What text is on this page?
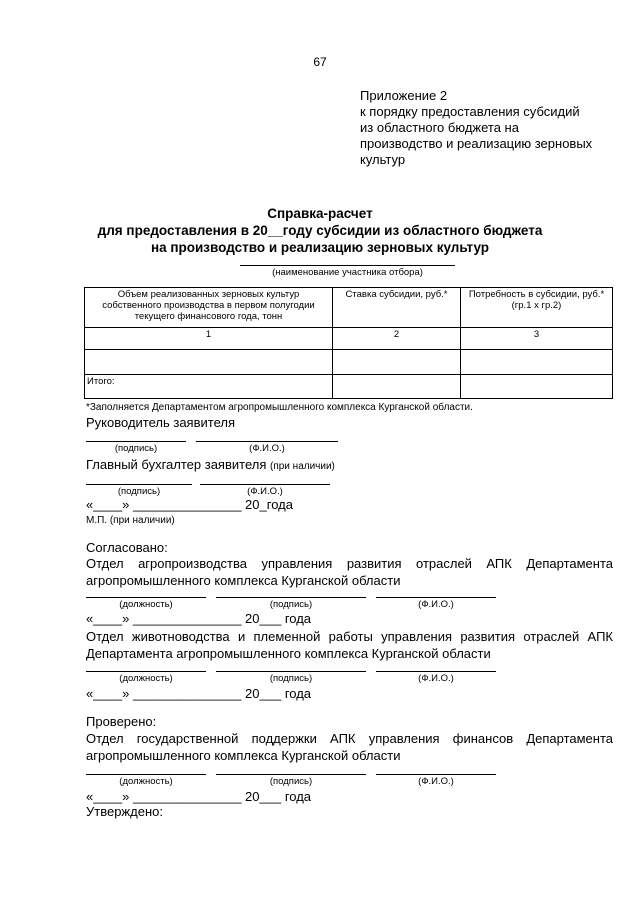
67
Приложение 2
к порядку предоставления субсидий
из областного бюджета на
производство и реализацию зерновых
культур
Справка-расчет
для предоставления в 20__году субсидии из областного бюджета
на производство и реализацию зерновых культур
(наименование участника отбора)
Объем реализованных зерновых культур собственного производства в первом полугодии текущего финансового года, тонн	Ставка субсидии, руб.*	Потребность в субсидии, руб.* (гр.1 х гр.2)
1	2	3

Итого:		
*Заполняется Департаментом агропромышленного комплекса Курганской области.
Руководитель заявителя
(подпись)	(Ф.И.О.)
Главный бухгалтер заявителя (при наличии)
(подпись)	(Ф.И.О.)
«____» _______________ 20_года
М.П. (при наличии)
Согласовано:
Отдел агропроизводства управления развития отраслей АПК Департамента агропромышленного комплекса Курганской области
(должность)	(подпись)	(Ф.И.О.)
«____» _______________ 20___ года
Отдел животноводства и племенной работы управления развития отраслей АПК Департамента агропромышленного комплекса Курганской области
(должность)	(подпись)	(Ф.И.О.)
«____» _______________ 20___ года
Проверено:
Отдел государственной поддержки АПК управления финансов Департамента агропромышленного комплекса Курганской области
(должность)	(подпись)	(Ф.И.О.)
«____» _______________ 20___ года
Утверждено:
